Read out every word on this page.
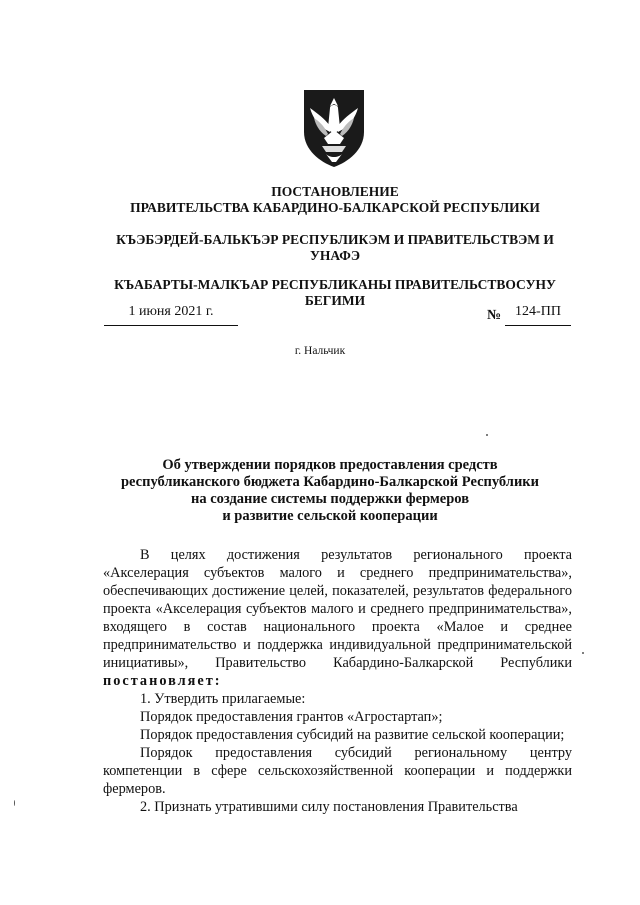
ПОСТАНОВЛЕНИЕ
ПРАВИТЕЛЬСТВА КАБАРДИНО-БАЛКАРСКОЙ РЕСПУБЛИКИ
КЪЭБЭРДЕЙ-БАЛЬКЪЭР РЕСПУБЛИКЭМ И ПРАВИТЕЛЬСТВЭМ И
УНАФЭ
КЪАБАРТЫ-МАЛКЪАР РЕСПУБЛИКАНЫ ПРАВИТЕЛЬСТВОСУНУ
БЕГИМИ
1 июня 2021 г.	№ 124-ПП
г. Нальчик
Об утверждении порядков предоставления средств
республиканского бюджета Кабардино-Балкарской Республики
на создание системы поддержки фермеров
и развитие сельской кооперации

В целях достижения результатов регионального проекта «Акселерация субъектов малого и среднего предпринимательства», обеспечивающих достижение целей, показателей, результатов федерального проекта «Акселерация субъектов малого и среднего предпринимательства», входящего в состав национального проекта «Малое и среднее предпринимательство и поддержка индивидуальной предпринимательской инициативы», Правительство Кабардино-Балкарской Республики постановляет:

1. Утвердить прилагаемые:

Порядок предоставления грантов «Агростартап»;

Порядок предоставления субсидий на развитие сельской кооперации;

Порядок предоставления субсидий региональному центру компетенции в сфере сельскохозяйственной кооперации и поддержки фермеров.

2. Признать утратившими силу постановления Правительства
